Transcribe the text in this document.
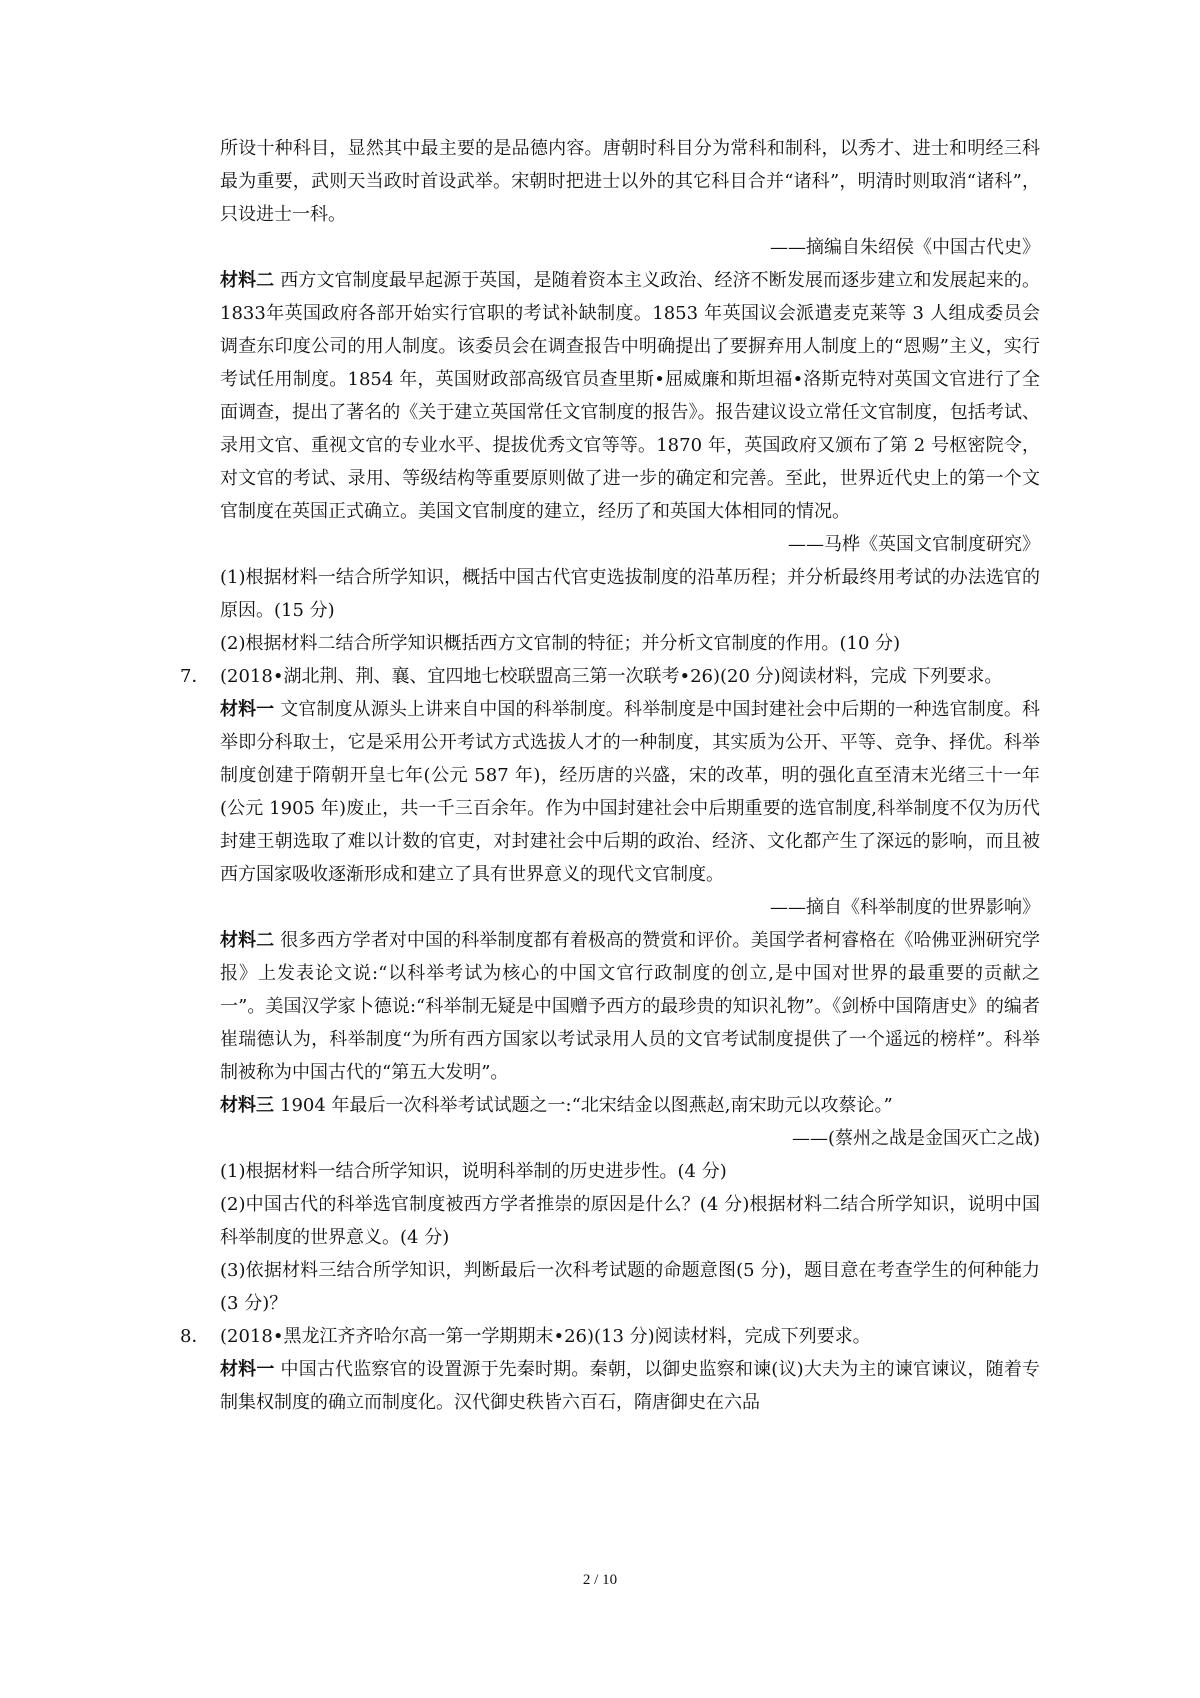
所设十种科目，显然其中最主要的是品德内容。唐朝时科目分为常科和制科，以秀才、进士和明经三科最为重要，武则天当政时首设武举。宋朝时把进士以外的其它科目合并“诸科”，明清时则取消“诸科”，只设进士一科。

——摘编自朱绍侯《中国古代史》

材料二 西方文官制度最早起源于英国，是随着资本主义政治、经济不断发展而逐步建立和发展起来的。1833年英国政府各部开始实行官职的考试补缺制度。1853 年英国议会派遣麦克莱等 3 人组成委员会调查东印度公司的用人制度。该委员会在调查报告中明确提出了要摒弃用人制度上的“恩赐”主义，实行考试任用制度。1854 年，英国财政部高级官员查里斯•屈威廉和斯坦福•洛斯克特对英国文官进行了全面调查，提出了著名的《关于建立英国常任文官制度的报告》。报告建议设立常任文官制度，包括考试、录用文官、重视文官的专业水平、提拔优秀文官等等。1870 年，英国政府又颁布了第 2 号枢密院令，对文官的考试、录用、等级结构等重要原则做了进一步的确定和完善。至此，世界近代史上的第一个文官制度在英国正式确立。美国文官制度的建立，经历了和英国大体相同的情况。

——马桦《英国文官制度研究》

(1)根据材料一结合所学知识，概括中国古代官吏选拔制度的沿革历程；并分析最终用考试的办法选官的原因。(15 分)

(2)根据材料二结合所学知识概括西方文官制的特征；并分析文官制度的作用。(10 分)

7． (2018•湖北荆、荆、襄、宜四地七校联盟高三第一次联考•26)(20 分)阅读材料，完成 下列要求。

材料一 文官制度从源头上讲来自中国的科举制度。科举制度是中国封建社会中后期的一种选官制度。科举即分科取士，它是采用公开考试方式选拔人才的一种制度，其实质为公开、平等、竞争、择优。科举制度创建于隋朝开皇七年(公元 587 年)，经历唐的兴盛，宋的改革，明的强化直至清末光绪三十一年(公元 1905 年)废止，共一千三百余年。作为中国封建社会中后期重要的选官制度,科举制度不仅为历代封建王朝选取了难以计数的官吏，对封建社会中后期的政治、经济、文化都产生了深远的影响，而且被西方国家吸收逐渐形成和建立了具有世界意义的现代文官制度。

——摘自《科举制度的世界影响》

材料二 很多西方学者对中国的科举制度都有着极高的赞赏和评价。美国学者柯睿格在《哈佛亚洲研究学报》上发表论文说:“以科举考试为核心的中国文官行政制度的创立,是中国对世界的最重要的贡献之一”。美国汉学家卜德说:“科举制无疑是中国赠予西方的最珍贵的知识礼物”。《剑桥中国隋唐史》的编者崔瑞德认为，科举制度“为所有西方国家以考试录用人员的文官考试制度提供了一个遥远的榜样”。科举制被称为中国古代的“第五大发明”。

材料三 1904 年最后一次科举考试试题之一:“北宋结金以图燕赵,南宋助元以攻蔡论。”

——(蔡州之战是金国灭亡之战)

(1)根据材料一结合所学知识，说明科举制的历史进步性。(4 分)

(2)中国古代的科举选官制度被西方学者推崇的原因是什么？(4 分)根据材料二结合所学知识，说明中国科举制度的世界意义。(4 分)

(3)依据材料三结合所学知识，判断最后一次科考试题的命题意图(5 分)，题目意在考查学生的何种能力(3 分)？

8． (2018•黑龙江齐齐哈尔高一第一学期期末•26)(13 分)阅读材料，完成下列要求。

材料一 中国古代监察官的设置源于先秦时期。秦朝，以御史监察和谏(议)大夫为主的谏官谏议，随着专制集权制度的确立而制度化。汉代御史秩皆六百石，隋唐御史在六品

2 / 10
